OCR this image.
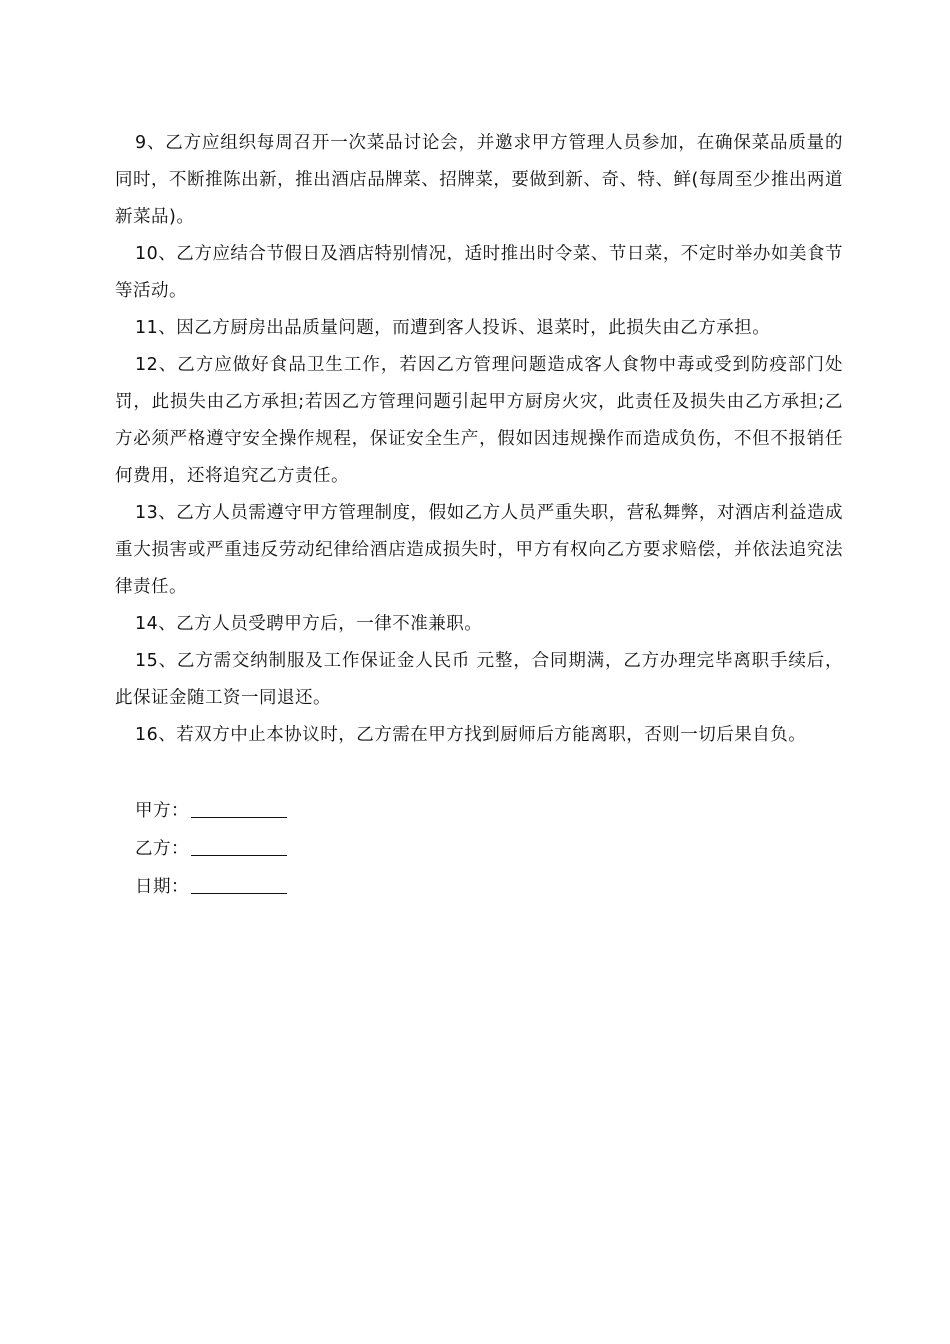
9、乙方应组织每周召开一次菜品讨论会，并邀求甲方管理人员参加，在确保菜品质量的同时，不断推陈出新，推出酒店品牌菜、招牌菜，要做到新、奇、特、鲜(每周至少推出两道新菜品)。

10、乙方应结合节假日及酒店特别情况，适时推出时令菜、节日菜，不定时举办如美食节等活动。

11、因乙方厨房出品质量问题，而遭到客人投诉、退菜时，此损失由乙方承担。

12、乙方应做好食品卫生工作，若因乙方管理问题造成客人食物中毒或受到防疫部门处罚，此损失由乙方承担;若因乙方管理问题引起甲方厨房火灾，此责任及损失由乙方承担;乙方必须严格遵守安全操作规程，保证安全生产，假如因违规操作而造成负伤，不但不报销任何费用，还将追究乙方责任。

13、乙方人员需遵守甲方管理制度，假如乙方人员严重失职，营私舞弊，对酒店利益造成重大损害或严重违反劳动纪律给酒店造成损失时，甲方有权向乙方要求赔偿，并依法追究法律责任。

14、乙方人员受聘甲方后，一律不准兼职。

15、乙方需交纳制服及工作保证金人民币 元整，合同期满，乙方办理完毕离职手续后，此保证金随工资一同退还。

16、若双方中止本协议时，乙方需在甲方找到厨师后方能离职，否则一切后果自负。

甲方：
乙方：
日期：
